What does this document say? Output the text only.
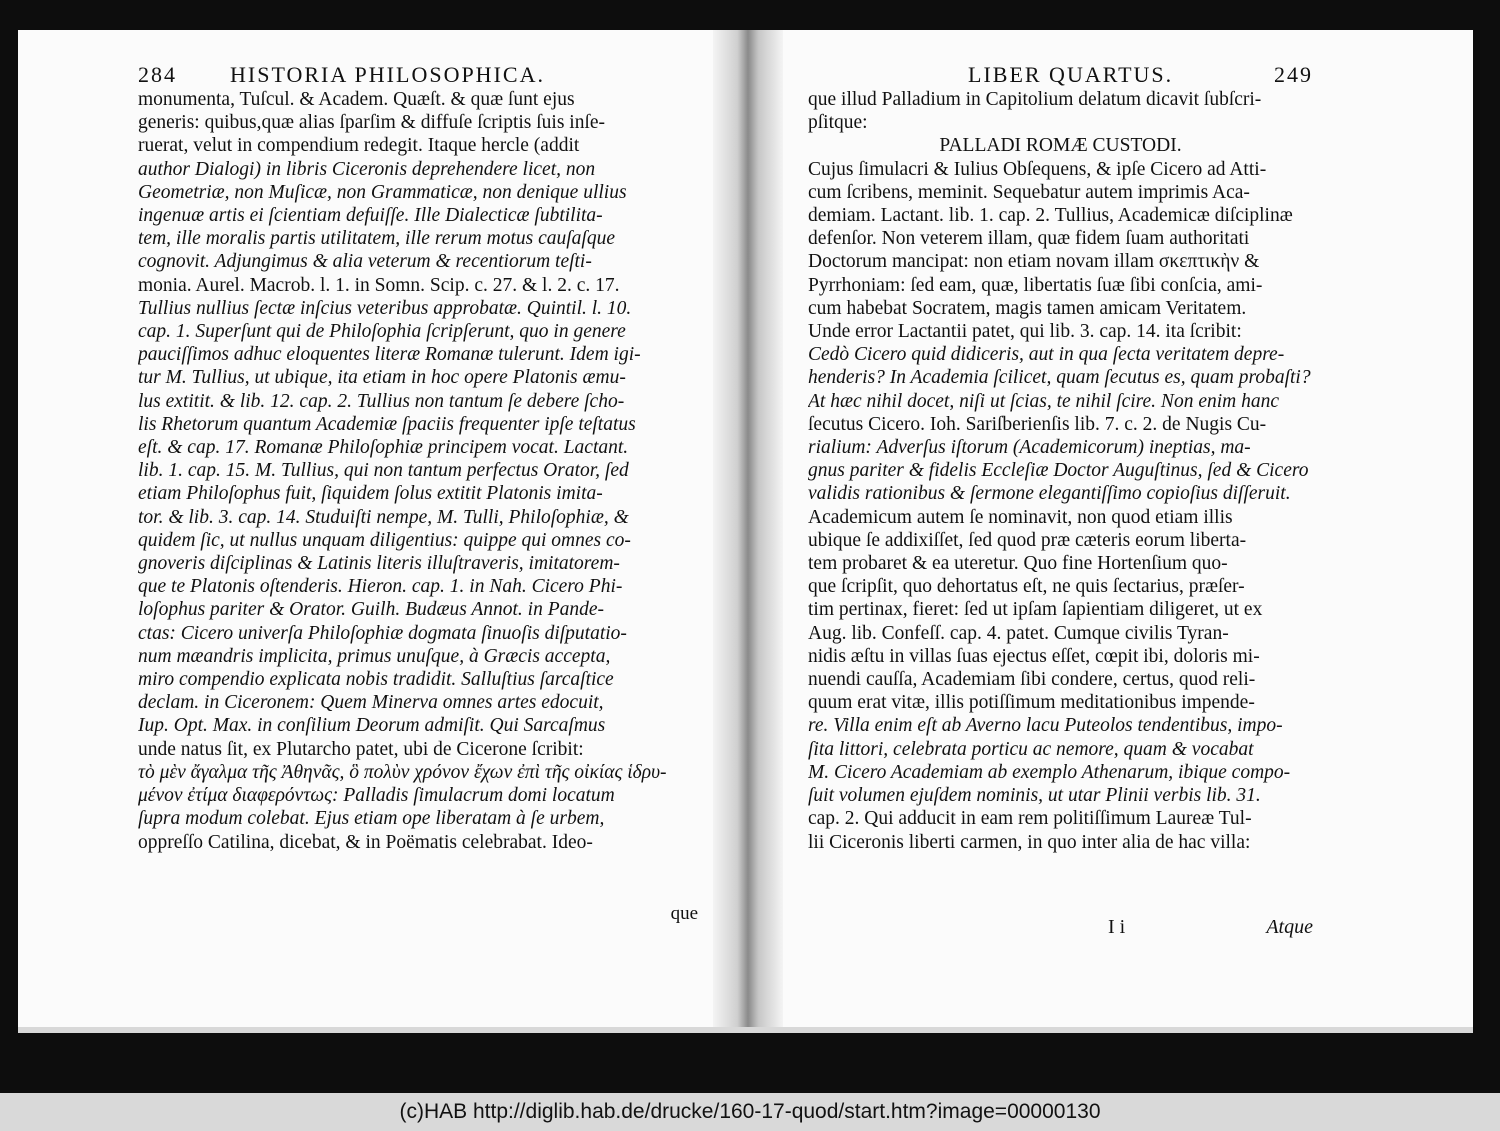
284 HISTORIA PHILOSOPHICA.
monumenta, Tuſcul. & Academ. Quæſt. & quæ ſunt ejus
generis: quibus,quæ alias ſparſim & diffuſe ſcriptis ſuis inſe-
ruerat, velut in compendium redegit. Itaque hercle (addit
author Dialogi) in libris Ciceronis deprehendere licet, non
Geometriæ, non Muſicæ, non Grammaticæ, non denique ullius
ingenuæ artis ei ſcientiam defuiſſe. Ille Dialecticæ ſubtilita-
tem, ille moralis partis utilitatem, ille rerum motus cauſaſque
cognovit. Adjungimus & alia veterum & recentiorum teſti-
monia. Aurel. Macrob. l. 1. in Somn. Scip. c. 27. & l. 2. c. 17.
Tullius nullius ſectæ inſcius veteribus approbatæ. Quintil. l. 10.
cap. 1. Superſunt qui de Philoſophia ſcripſerunt, quo in genere
pauciſſimos adhuc eloquentes literæ Romanæ tulerunt. Idem igi-
tur M. Tullius, ut ubique, ita etiam in hoc opere Platonis æmu-
lus extitit. & lib. 12. cap. 2. Tullius non tantum ſe debere ſcho-
lis Rhetorum quantum Academiæ ſpaciis frequenter ipſe teſtatus
eſt. & cap. 17. Romanæ Philoſophiæ principem vocat. Lactant.
lib. 1. cap. 15. M. Tullius, qui non tantum perfectus Orator, ſed
etiam Philoſophus fuit, ſiquidem ſolus extitit Platonis imita-
tor. & lib. 3. cap. 14. Studuiſti nempe, M. Tulli, Philoſophiæ, &
quidem ſic, ut nullus unquam diligentius: quippe qui omnes co-
gnoveris diſciplinas & Latinis literis illuſtraveris, imitatorem-
que te Platonis oſtenderis. Hieron. cap. 1. in Nah. Cicero Phi-
loſophus pariter & Orator. Guilh. Budæus Annot. in Pande-
ctas: Cicero univerſa Philoſophiæ dogmata ſinuoſis diſputatio-
num mæandris implicita, primus unuſque, à Græcis accepta,
miro compendio explicata nobis tradidit. Salluſtius ſarcaſtice
declam. in Ciceronem: Quem Minerva omnes artes edocuit,
Iup. Opt. Max. in conſilium Deorum admiſit. Qui Sarcaſmus
unde natus ſit, ex Plutarcho patet, ubi de Cicerone ſcribit:
τὸ μὲν ἄγαλμα τῆς Ἀθηνᾶς, ὃ πολὺν χρόνον ἔχων ἐπὶ τῆς οἰκίας ἱδρυ-
μένον ἐτίμα διαφερόντως: Palladis ſimulacrum domi locatum
ſupra modum colebat. Ejus etiam ope liberatam à ſe urbem,
oppreſſo Catilina, dicebat, & in Poëmatis celebrabat. Ideo-
que
LIBER QUARTUS.	249
que illud Palladium in Capitolium delatum dicavit ſubſcri-
pſitque:
PALLADI ROMÆ CUSTODI.
Cujus ſimulacri & Iulius Obſequens, & ipſe Cicero ad Atti-
cum ſcribens, meminit. Sequebatur autem imprimis Aca-
demiam. Lactant. lib. 1. cap. 2. Tullius, Academicæ diſciplinæ
defenſor. Non veterem illam, quæ fidem ſuam authoritati
Doctorum mancipat: non etiam novam illam σκεπτικὴν &
Pyrrhoniam: ſed eam, quæ, libertatis ſuæ ſibi conſcia, ami-
cum habebat Socratem, magis tamen amicam Veritatem.
Unde error Lactantii patet, qui lib. 3. cap. 14. ita ſcribit:
Cedò Cicero quid didiceris, aut in qua ſecta veritatem depre-
henderis? In Academia ſcilicet, quam ſecutus es, quam probaſti?
At hæc nihil docet, niſi ut ſcias, te nihil ſcire. Non enim hanc
ſecutus Cicero. Ioh. Sariſberienſis lib. 7. c. 2. de Nugis Cu-
rialium: Adverſus iſtorum (Academicorum) ineptias, ma-
gnus pariter & fidelis Eccleſiæ Doctor Auguſtinus, ſed & Cicero
validis rationibus & ſermone elegantiſſimo copioſius diſſeruit.
Academicum autem ſe nominavit, non quod etiam illis
ubique ſe addixiſſet, ſed quod præ cæteris eorum liberta-
tem probaret & ea uteretur. Quo fine Hortenſium quo-
que ſcripſit, quo dehortatus eſt, ne quis ſectarius, præſer-
tim pertinax, fieret: ſed ut ipſam ſapientiam diligeret, ut ex
Aug. lib. Confeſſ. cap. 4. patet. Cumque civilis Tyran-
nidis æſtu in villas ſuas ejectus eſſet, cœpit ibi, doloris mi-
nuendi cauſſa, Academiam ſibi condere, certus, quod reli-
quum erat vitæ, illis potiſſimum meditationibus impende-
re. Villa enim eſt ab Averno lacu Puteolos tendentibus, impo-
ſita littori, celebrata porticu ac nemore, quam & vocabat
M. Cicero Academiam ab exemplo Athenarum, ibique compo-
ſuit volumen ejuſdem nominis, ut utar Plinii verbis lib. 31.
cap. 2. Qui adducit in eam rem politiſſimum Laureæ Tul-
lii Ciceronis liberti carmen, in quo inter alia de hac villa:
I i	Atque
(c)HAB http://diglib.hab.de/drucke/160-17-quod/start.htm?image=00000130
